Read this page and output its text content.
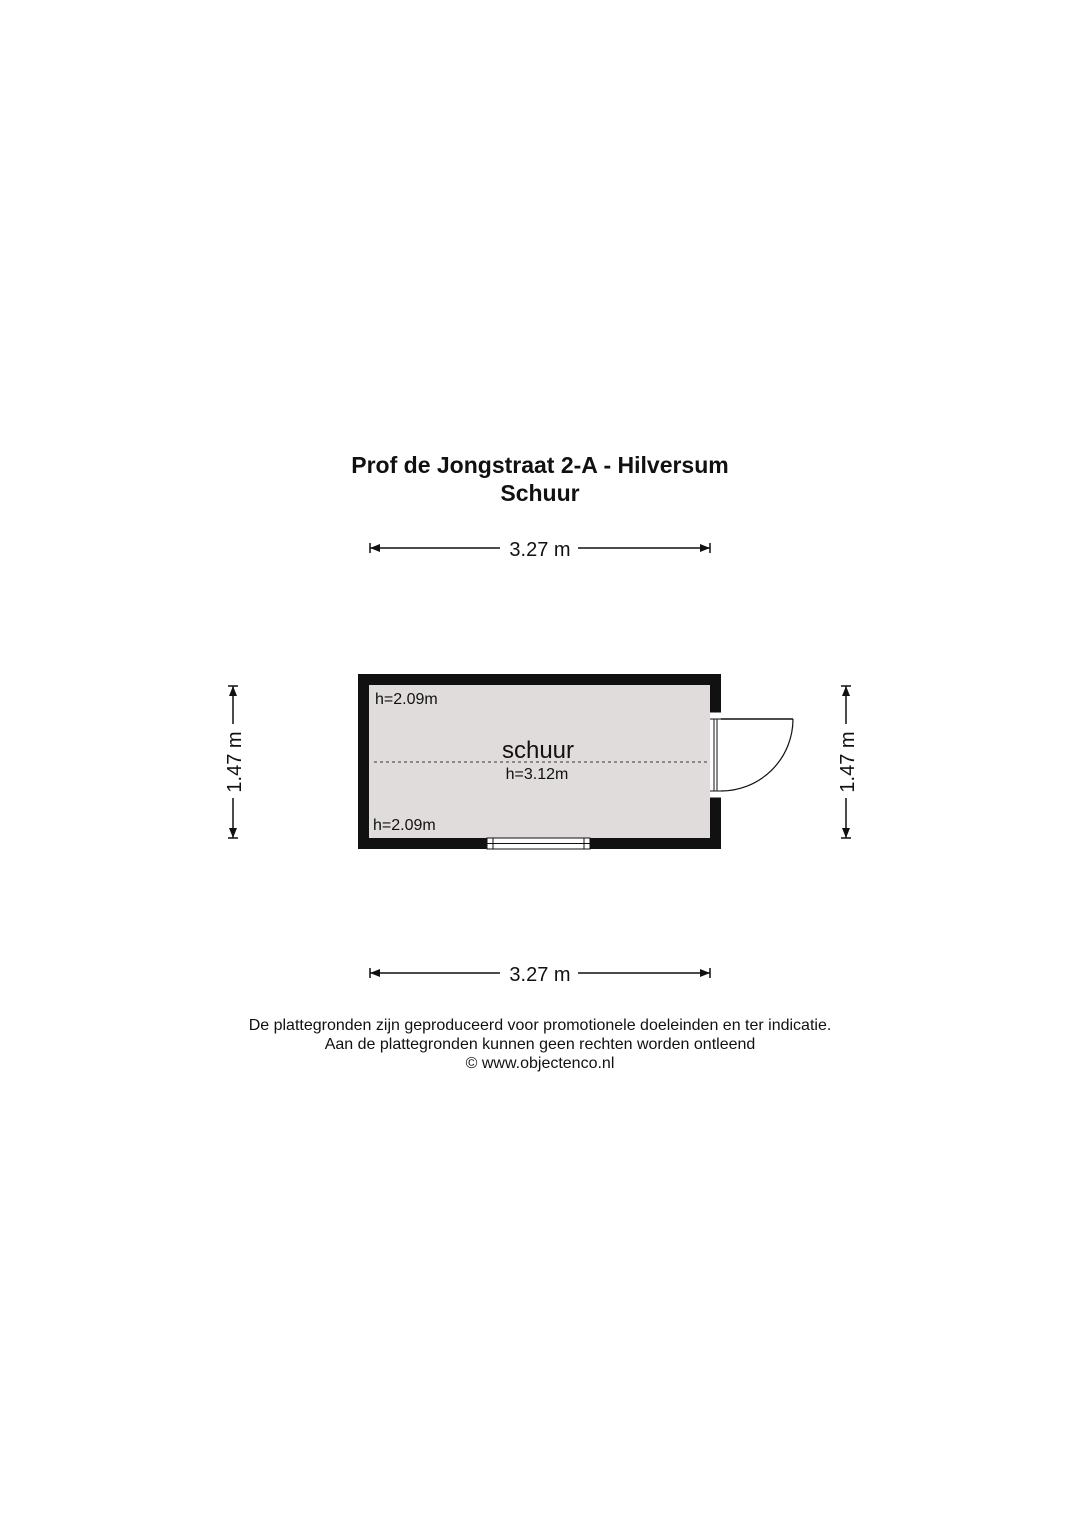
Prof de Jongstraat 2-A - Hilversum
Schuur
3.27 m
3.27 m
1.47 m	1.47 m
schuur
h=3.12m
h=2.09m
h=2.09m
De plattegronden zijn geproduceerd voor promotionele doeleinden en ter indicatie.
Aan de plattegronden kunnen geen rechten worden ontleend
© www.objectenco.nl
